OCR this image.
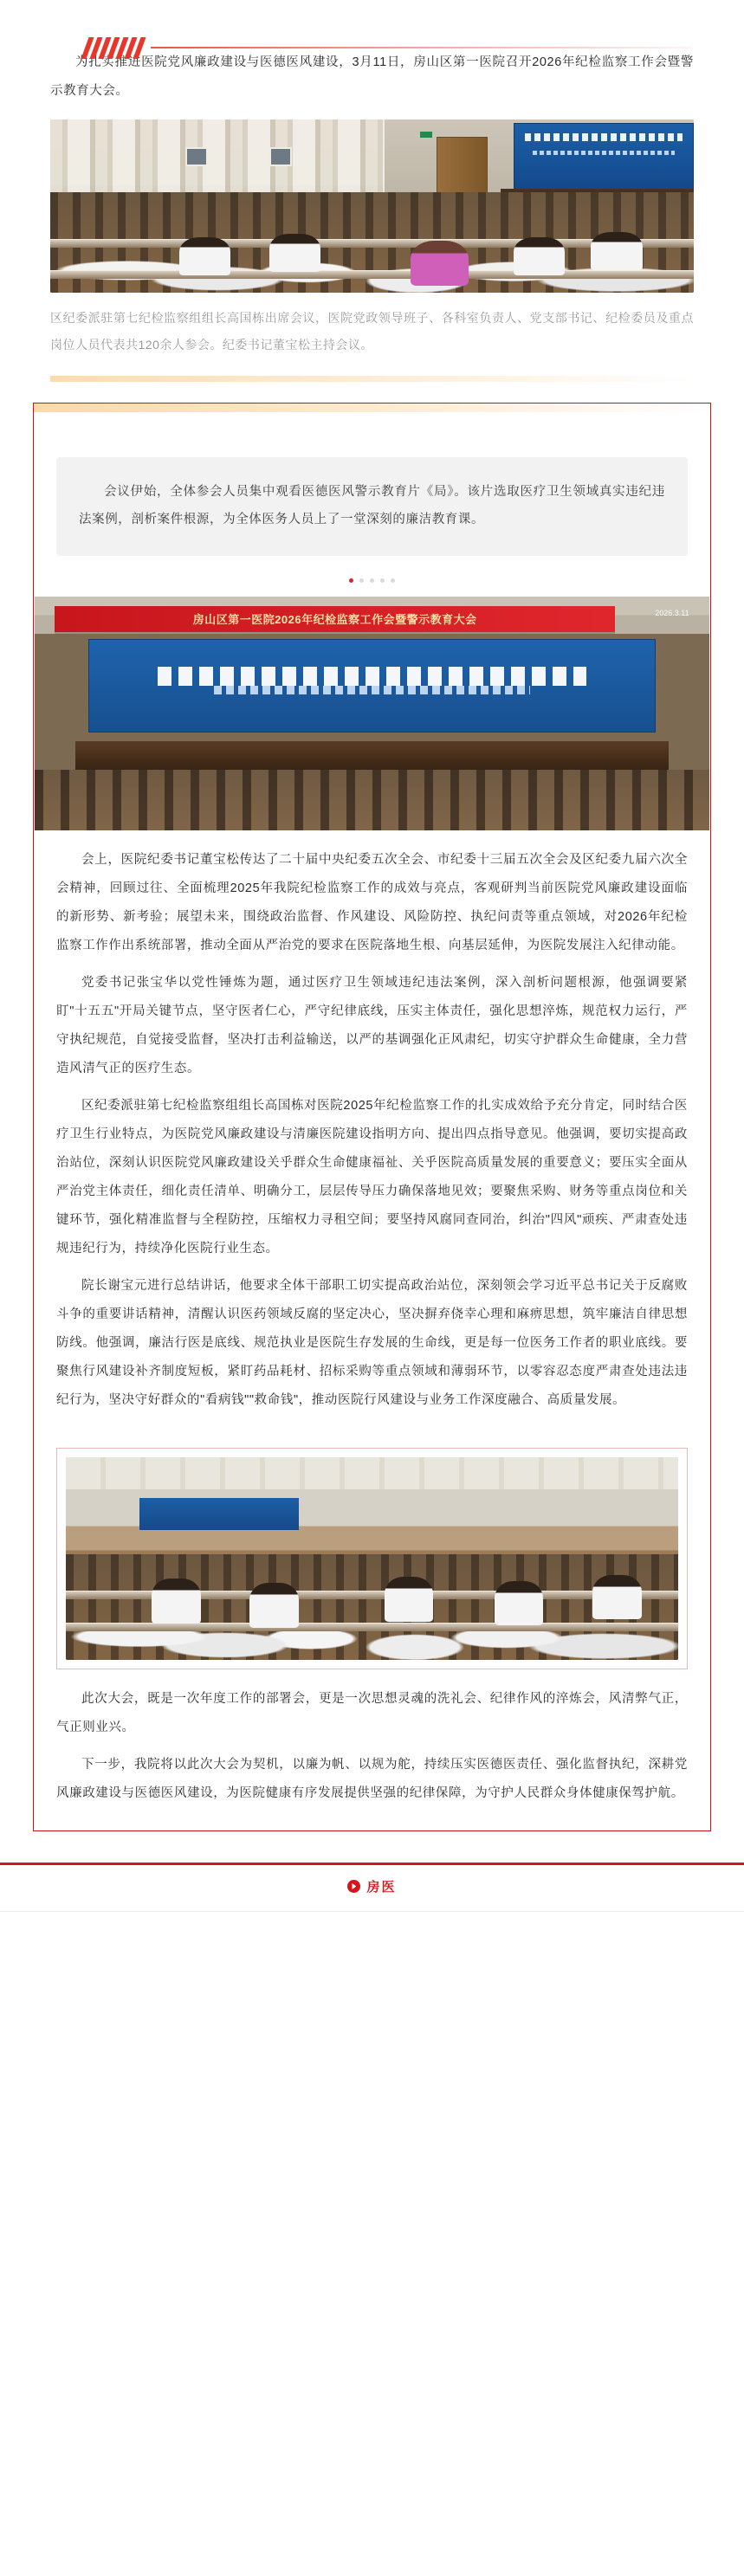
为扎实推进医院党风廉政建设与医德医风建设，3月11日，房山区第一医院召开2026年纪检监察工作会暨警示教育大会。

区纪委派驻第七纪检监察组组长高国栋出席会议，医院党政领导班子、各科室负责人、党支部书记、纪检委员及重点岗位人员代表共120余人参会。纪委书记董宝松主持会议。

会议伊始，全体参会人员集中观看医德医风警示教育片《局》。该片选取医疗卫生领域真实违纪违法案例，剖析案件根源，为全体医务人员上了一堂深刻的廉洁教育课。

房山区第一医院2026年纪检监察工作会暨警示教育大会
2026.3.11

会上，医院纪委书记董宝松传达了二十届中央纪委五次全会、市纪委十三届五次全会及区纪委九届六次全会精神，回顾过往、全面梳理2025年我院纪检监察工作的成效与亮点，客观研判当前医院党风廉政建设面临的新形势、新考验；展望未来，围绕政治监督、作风建设、风险防控、执纪问责等重点领域，对2026年纪检监察工作作出系统部署，推动全面从严治党的要求在医院落地生根、向基层延伸，为医院发展注入纪律动能。

党委书记张宝华以党性锤炼为题，通过医疗卫生领域违纪违法案例，深入剖析问题根源，他强调要紧盯"十五五"开局关键节点，坚守医者仁心，严守纪律底线，压实主体责任，强化思想淬炼，规范权力运行，严守执纪规范，自觉接受监督，坚决打击利益输送，以严的基调强化正风肃纪，切实守护群众生命健康，全力营造风清气正的医疗生态。

区纪委派驻第七纪检监察组组长高国栋对医院2025年纪检监察工作的扎实成效给予充分肯定，同时结合医疗卫生行业特点，为医院党风廉政建设与清廉医院建设指明方向、提出四点指导意见。他强调，要切实提高政治站位，深刻认识医院党风廉政建设关乎群众生命健康福祉、关乎医院高质量发展的重要意义；要压实全面从严治党主体责任，细化责任清单、明确分工，层层传导压力确保落地见效；要聚焦采购、财务等重点岗位和关键环节，强化精准监督与全程防控，压缩权力寻租空间；要坚持风腐同查同治，纠治"四风"顽疾、严肃查处违规违纪行为，持续净化医院行业生态。

院长谢宝元进行总结讲话，他要求全体干部职工切实提高政治站位，深刻领会学习近平总书记关于反腐败斗争的重要讲话精神，清醒认识医药领域反腐的坚定决心，坚决摒弃侥幸心理和麻痹思想，筑牢廉洁自律思想防线。他强调，廉洁行医是底线、规范执业是医院生存发展的生命线，更是每一位医务工作者的职业底线。要聚焦行风建设补齐制度短板，紧盯药品耗材、招标采购等重点领域和薄弱环节，以零容忍态度严肃查处违法违纪行为，坚决守好群众的"看病钱""救命钱"，推动医院行风建设与业务工作深度融合、高质量发展。

此次大会，既是一次年度工作的部署会，更是一次思想灵魂的洗礼会、纪律作风的淬炼会，风清弊气正，气正则业兴。

下一步，我院将以此次大会为契机，以廉为帆、以规为舵，持续压实医德医责任、强化监督执纪，深耕党风廉政建设与医德医风建设，为医院健康有序发展提供坚强的纪律保障，为守护人民群众身体健康保驾护航。

房医
